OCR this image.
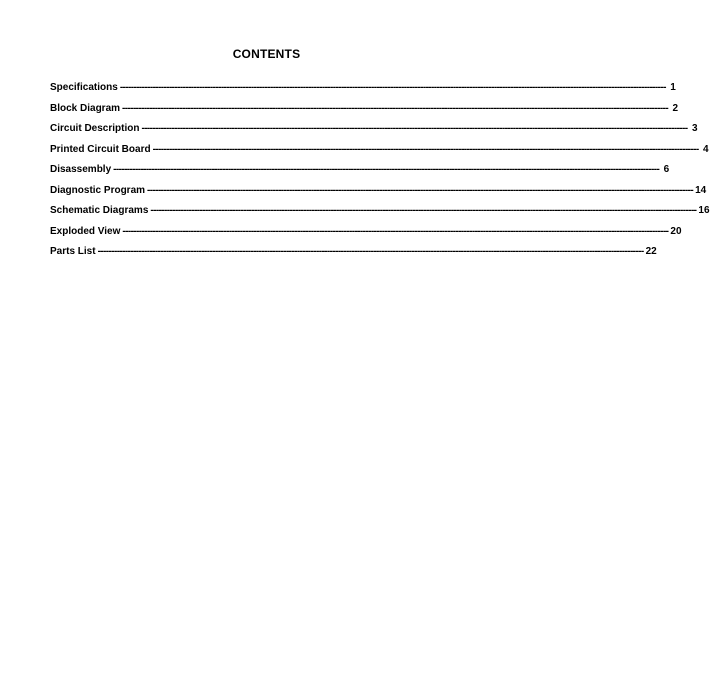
CONTENTS
Specifications -------------------------------------------------------------------------------------------------------------------------------------------------------------------------------------------------------- 1
Block Diagram -------------------------------------------------------------------------------------------------------------------------------------------------------------------------------------------------------- 2
Circuit Description -------------------------------------------------------------------------------------------------------------------------------------------------------------------------------------------------------- 3
Printed Circuit Board -------------------------------------------------------------------------------------------------------------------------------------------------------------------------------------------------------- 4
Disassembly -------------------------------------------------------------------------------------------------------------------------------------------------------------------------------------------------------- 6
Diagnostic Program -------------------------------------------------------------------------------------------------------------------------------------------------------------------------------------------------------- 14
Schematic Diagrams -------------------------------------------------------------------------------------------------------------------------------------------------------------------------------------------------------- 16
Exploded View -------------------------------------------------------------------------------------------------------------------------------------------------------------------------------------------------------- 20
Parts List -------------------------------------------------------------------------------------------------------------------------------------------------------------------------------------------------------- 22
